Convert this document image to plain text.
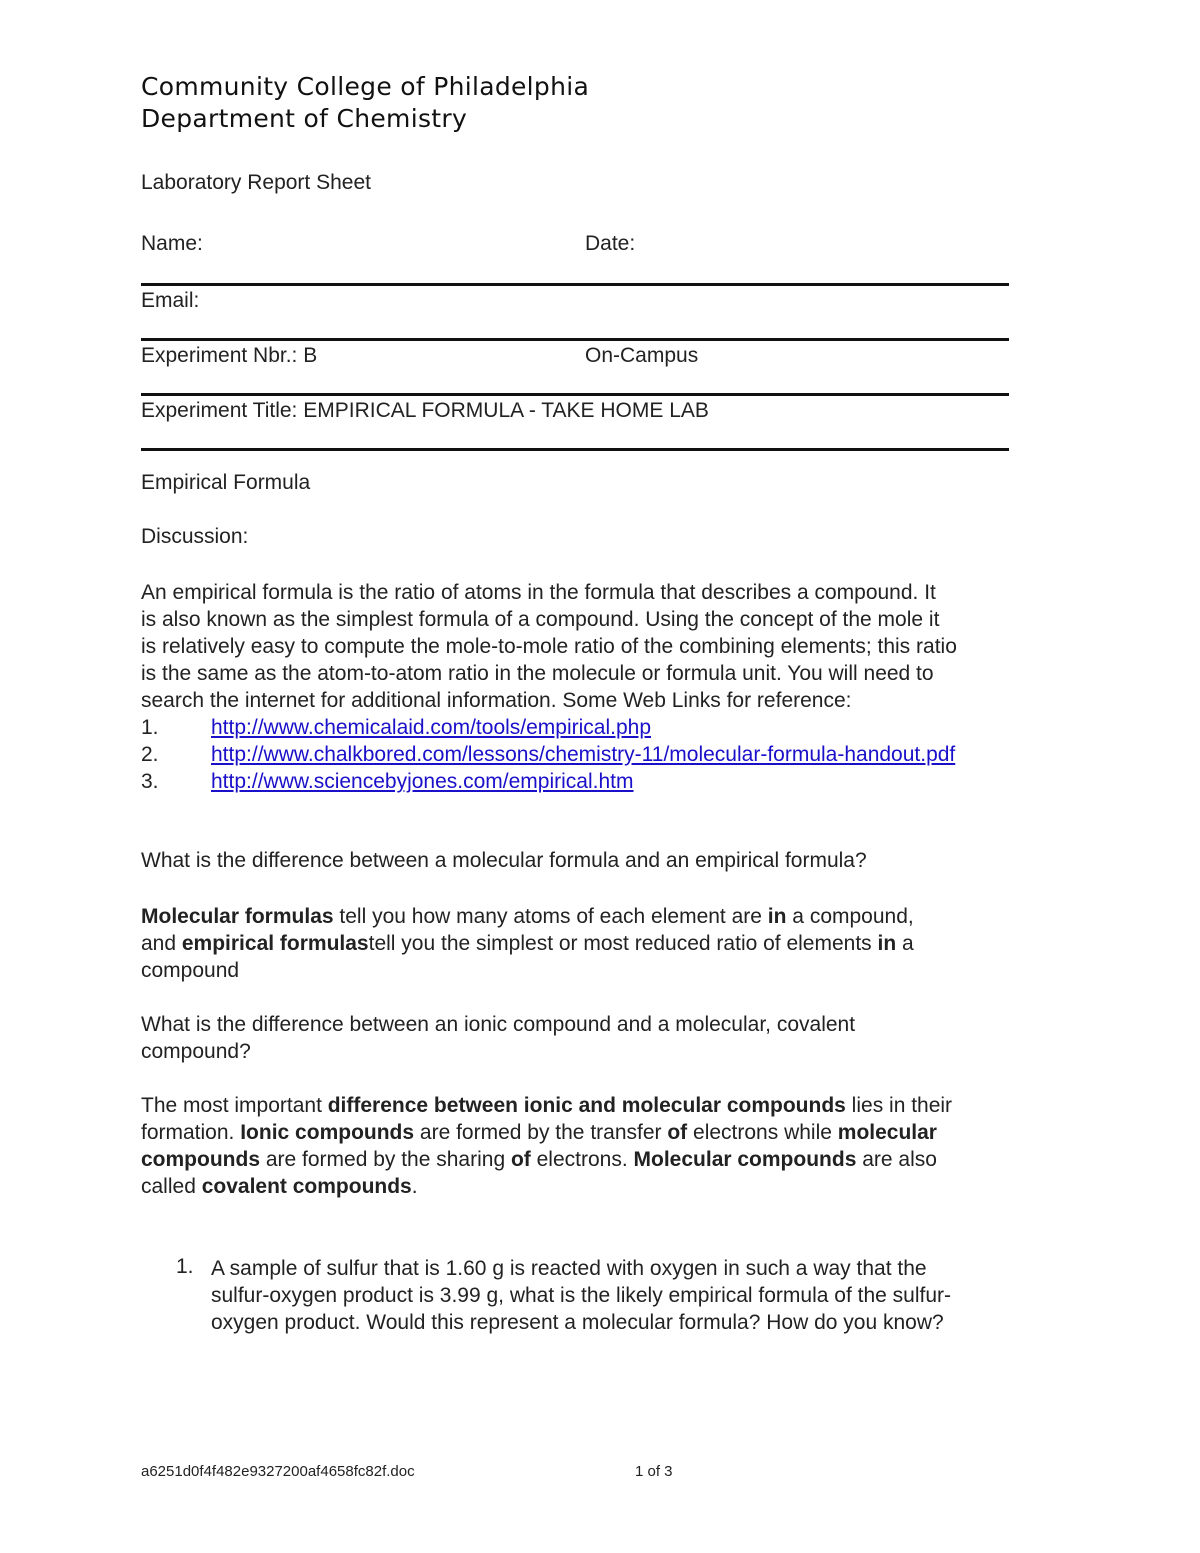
Community College of Philadelphia
Department of Chemistry
Laboratory Report Sheet
Name:	Date:
Email:
Experiment Nbr.: B	On-Campus
Experiment Title: EMPIRICAL FORMULA - TAKE HOME LAB
Empirical Formula
Discussion:
An empirical formula is the ratio of atoms in the formula that describes a compound. It
is also known as the simplest formula of a compound. Using the concept of the mole it
is relatively easy to compute the mole-to-mole ratio of the combining elements; this ratio
is the same as the atom-to-atom ratio in the molecule or formula unit. You will need to
search the internet for additional information. Some Web Links for reference:
1. http://www.chemicalaid.com/tools/empirical.php
2. http://www.chalkbored.com/lessons/chemistry-11/molecular-formula-handout.pdf
3. http://www.sciencebyjones.com/empirical.htm
What is the difference between a molecular formula and an empirical formula?
Molecular formulas tell you how many atoms of each element are in a compound,
and empirical formulastell you the simplest or most reduced ratio of elements in a
compound
What is the difference between an ionic compound and a molecular, covalent
compound?
The most important difference between ionic and molecular compounds lies in their
formation. Ionic compounds are formed by the transfer of electrons while molecular
compounds are formed by the sharing of electrons. Molecular compounds are also
called covalent compounds.
1. A sample of sulfur that is 1.60 g is reacted with oxygen in such a way that the
sulfur-oxygen product is 3.99 g, what is the likely empirical formula of the sulfur-
oxygen product. Would this represent a molecular formula? How do you know?
a6251d0f4f482e9327200af4658fc82f.doc	1 of 3
